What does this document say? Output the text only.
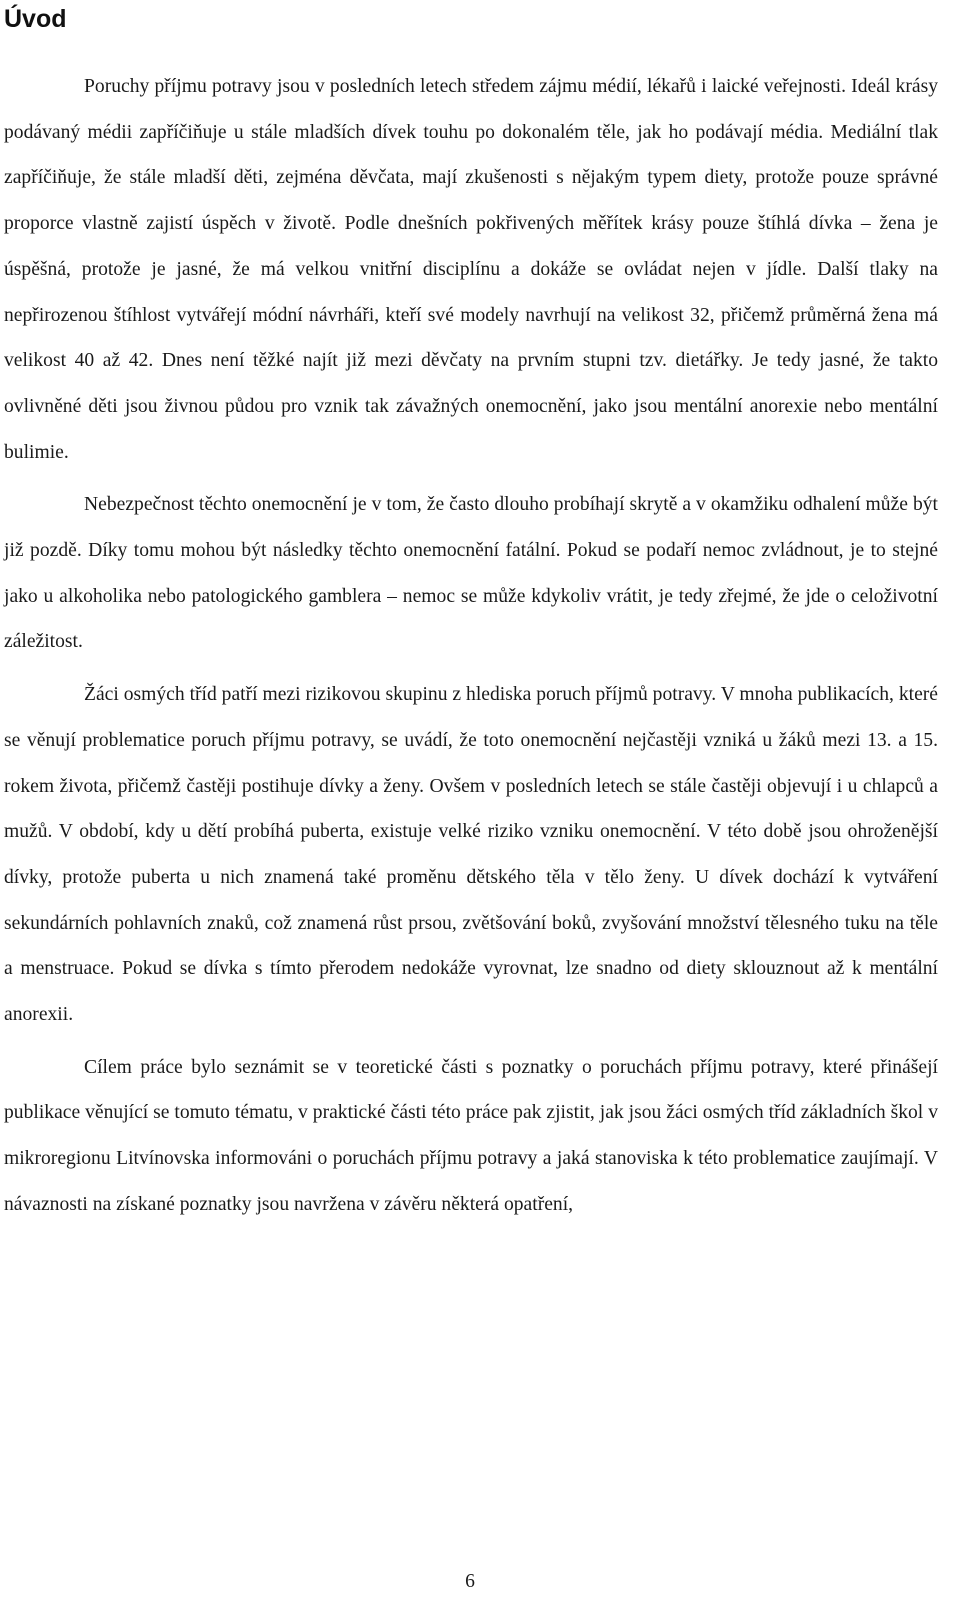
Úvod

Poruchy příjmu potravy jsou v posledních letech středem zájmu médií, lékařů i laické veřejnosti. Ideál krásy podávaný médii zapříčiňuje u stále mladších dívek touhu po dokonalém těle, jak ho podávají média. Mediální tlak zapříčiňuje, že stále mladší děti, zejména děvčata, mají zkušenosti s nějakým typem diety, protože pouze správné proporce vlastně zajistí úspěch v životě. Podle dnešních pokřivených měřítek krásy pouze štíhlá dívka – žena je úspěšná, protože je jasné, že má velkou vnitřní disciplínu a dokáže se ovládat nejen v jídle. Další tlaky na nepřirozenou štíhlost vytvářejí módní návrháři, kteří své modely navrhují na velikost 32, přičemž průměrná žena má velikost 40 až 42. Dnes není těžké najít již mezi děvčaty na prvním stupni tzv. dietářky. Je tedy jasné, že takto ovlivněné děti jsou živnou půdou pro vznik tak závažných onemocnění, jako jsou mentální anorexie nebo mentální bulimie.

Nebezpečnost těchto onemocnění je v tom, že často dlouho probíhají skrytě a v okamžiku odhalení může být již pozdě. Díky tomu mohou být následky těchto onemocnění fatální. Pokud se podaří nemoc zvládnout, je to stejné jako u alkoholika nebo patologického gamblera – nemoc se může kdykoliv vrátit, je tedy zřejmé, že jde o celoživotní záležitost.

Žáci osmých tříd patří mezi rizikovou skupinu z hlediska poruch příjmů potravy. V mnoha publikacích, které se věnují problematice poruch příjmu potravy, se uvádí, že toto onemocnění nejčastěji vzniká u žáků mezi 13. a 15. rokem života, přičemž častěji postihuje dívky a ženy. Ovšem v posledních letech se stále častěji objevují i u chlapců a mužů. V období, kdy u dětí probíhá puberta, existuje velké riziko vzniku onemocnění. V této době jsou ohroženější dívky, protože puberta u nich znamená také proměnu dětského těla v tělo ženy. U dívek dochází k vytváření sekundárních pohlavních znaků, což znamená růst prsou, zvětšování boků, zvyšování množství tělesného tuku na těle a menstruace. Pokud se dívka s tímto přerodem nedokáže vyrovnat, lze snadno od diety sklouznout až k mentální anorexii.

Cílem práce bylo seznámit se v teoretické části s poznatky o poruchách příjmu potravy, které přinášejí publikace věnující se tomuto tématu, v praktické části této práce pak zjistit, jak jsou žáci osmých tříd základních škol v mikroregionu Litvínovska informováni o poruchách příjmu potravy a jaká stanoviska k této problematice zaujímají. V návaznosti na získané poznatky jsou navržena v závěru některá opatření,

6
